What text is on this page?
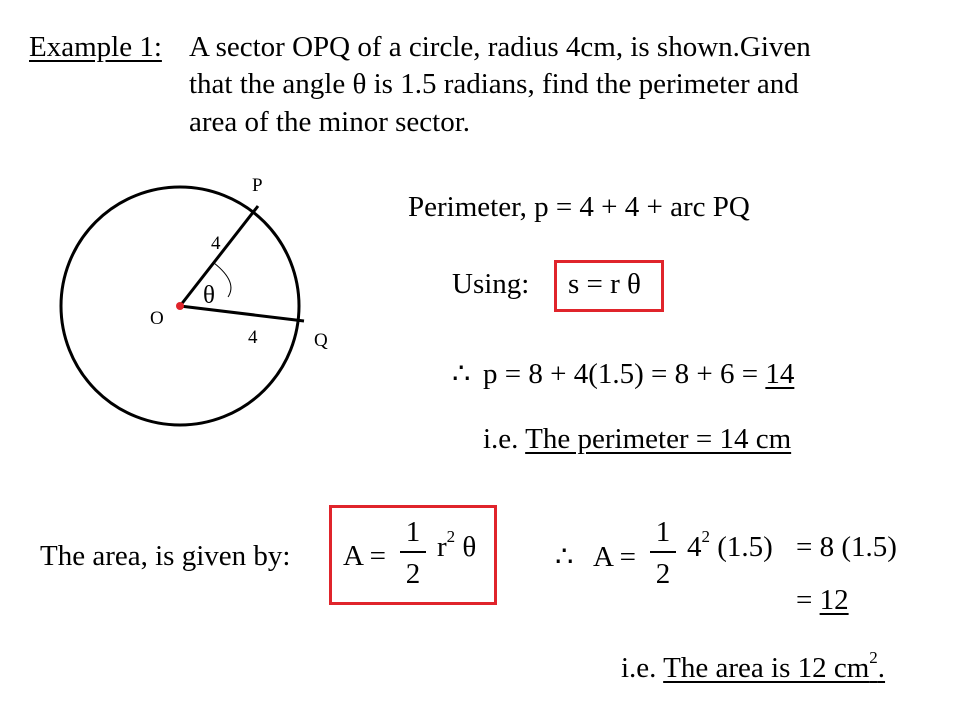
Example 1: A sector OPQ of a circle, radius 4cm, is shown.Given
that the angle θ is 1.5 radians, find the perimeter and
area of the minor sector.
P
Q
O
4
4
θ
Perimeter, p = 4 + 4 + arc PQ
Using: s = r θ
∴ p = 8 + 4(1.5) = 8 + 6 = 14
i.e. The perimeter = 14 cm
The area, is given by: A =
1
2
$r^2$ θ	∴ A =
1
2
$4^2$ (1.5) = 8 (1.5)
= 12
i.e. The area is 12 $cm^2$.
